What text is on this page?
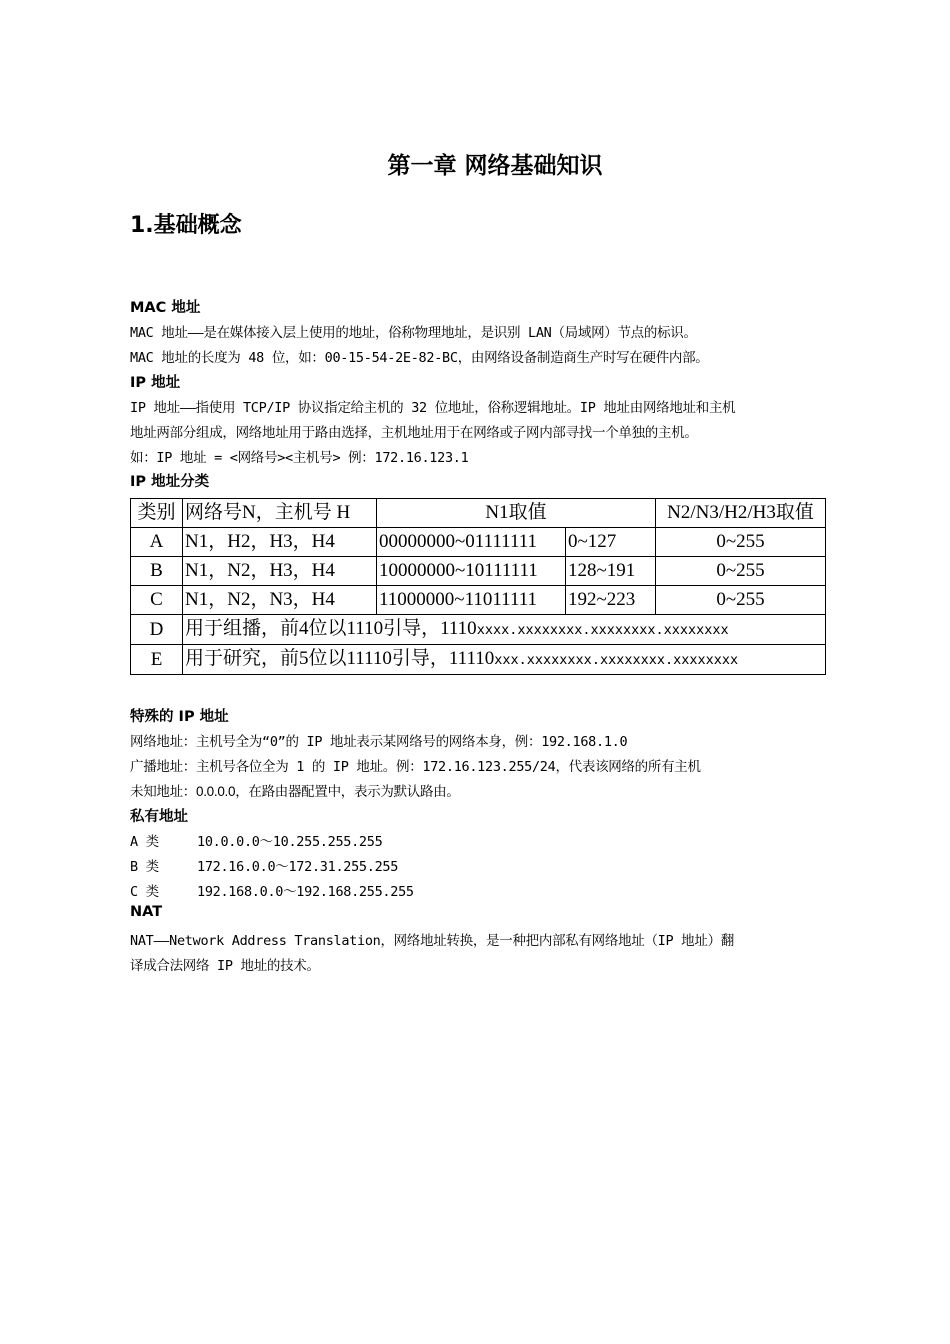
第一章 网络基础知识
1.基础概念
MAC 地址
MAC 地址——是在媒体接入层上使用的地址，俗称物理地址，是识别 LAN（局域网）节点的标识。
MAC 地址的长度为 48 位，如：00-15-54-2E-82-BC，由网络设备制造商生产时写在硬件内部。
IP 地址
IP 地址——指使用 TCP/IP 协议指定给主机的 32 位地址，俗称逻辑地址。IP 地址由网络地址和主机
地址两部分组成，网络地址用于路由选择，主机地址用于在网络或子网内部寻找一个单独的主机。
如：IP 地址 = <网络号><主机号> 例：172.16.123.1
IP 地址分类
类别	网络号N，主机号 H	N1取值		N2/N3/H2/H3取值
A	N1，H2，H3，H4	00000000~01111111	0~127	0~255
B	N1，N2，H3，H4	10000000~10111111	128~191	0~255
C	N1，N2，N3，H4	11000000~11011111	192~223	0~255
D	用于组播，前4位以1110引导，1110xxxx.xxxxxxxx.xxxxxxxx.xxxxxxxx			
E	用于研究，前5位以11110引导，11110xxx.xxxxxxxx.xxxxxxxx.xxxxxxxx			
特殊的 IP 地址
网络地址：主机号全为“0”的 IP 地址表示某网络号的网络本身，例：192.168.1.0
广播地址：主机号各位全为 1 的 IP 地址。例：172.16.123.255/24，代表该网络的所有主机
未知地址：0.0.0.0，在路由器配置中，表示为默认路由。
私有地址
A 类	10.0.0.0～10.255.255.255
B 类	172.16.0.0～172.31.255.255
C 类	192.168.0.0～192.168.255.255
NAT
NAT——Network Address Translation，网络地址转换，是一种把内部私有网络地址（IP 地址）翻
译成合法网络 IP 地址的技术。
